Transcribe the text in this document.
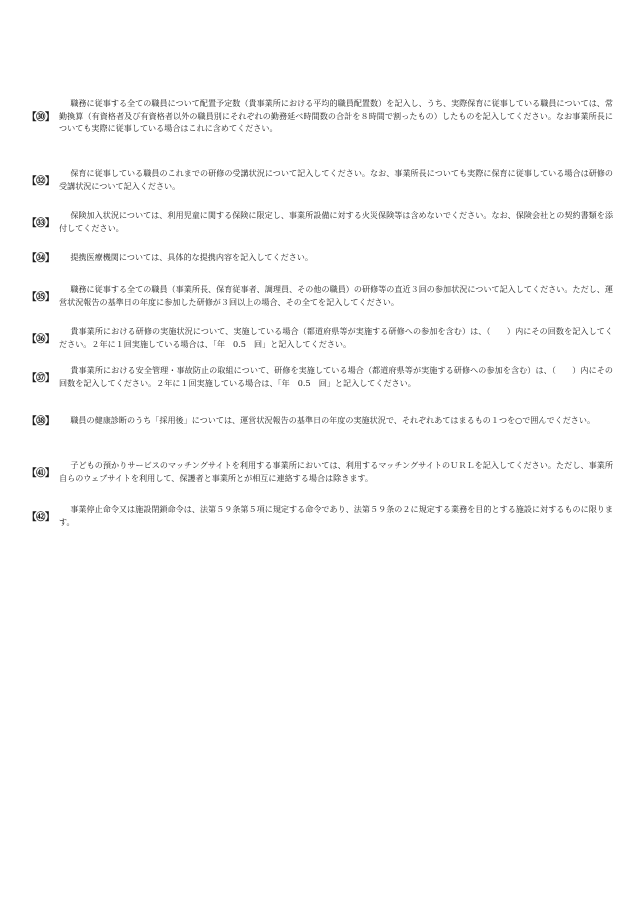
【㉚】
職務に従事する全ての職員について配置予定数（貴事業所における平均的職員配置数）を記入し、うち、実際保育に従事している職員については、常勤換算（有資格者及び有資格者以外の職員別にそれぞれの勤務延べ時間数の合計を８時間で割ったもの）したものを記入してください。なお事業所長についても実際に従事している場合はこれに含めてください。
【㉜】
保育に従事している職員のこれまでの研修の受講状況について記入してください。なお、事業所長についても実際に保育に従事している場合は研修の受講状況について記入ください。
【㉝】
保険加入状況については、利用児童に関する保険に限定し、事業所設備に対する火災保険等は含めないでください。なお、保険会社との契約書類を添付してください。
【㉞】	提携医療機関については、具体的な提携内容を記入してください。
【㉟】
職務に従事する全ての職員（事業所長、保育従事者、調理員、その他の職員）の研修等の直近３回の参加状況について記入してください。ただし、運営状況報告の基準日の年度に参加した研修が３回以上の場合、その全てを記入してください。
【㊱】
貴事業所における研修の実施状況について、実施している場合（都道府県等が実施する研修への参加を含む）は、（　　）内にその回数を記入してください。２年に１回実施している場合は、「年　0.5　回」と記入してください。
【㊲】
貴事業所における安全管理・事故防止の取組について、研修を実施している場合（都道府県等が実施する研修への参加を含む）は、（　　）内にその回数を記入してください。２年に１回実施している場合は、「年　0.5　回」と記入してください。
【㊳】	職員の健康診断のうち「採用後」については、運営状況報告の基準日の年度の実施状況で、それぞれあてはまるもの１つを○で囲んでください。
【㊶】
子どもの預かりサービスのマッチングサイトを利用する事業所においては、利用するマッチングサイトのＵＲＬを記入してください。ただし、事業所自らのウェブサイトを利用して、保護者と事業所とが相互に連絡する場合は除きます。
【㊷】
事業停止命令又は施設閉鎖命令は、法第５９条第５項に規定する命令であり、法第５９条の２に規定する業務を目的とする施設に対するものに限ります。
